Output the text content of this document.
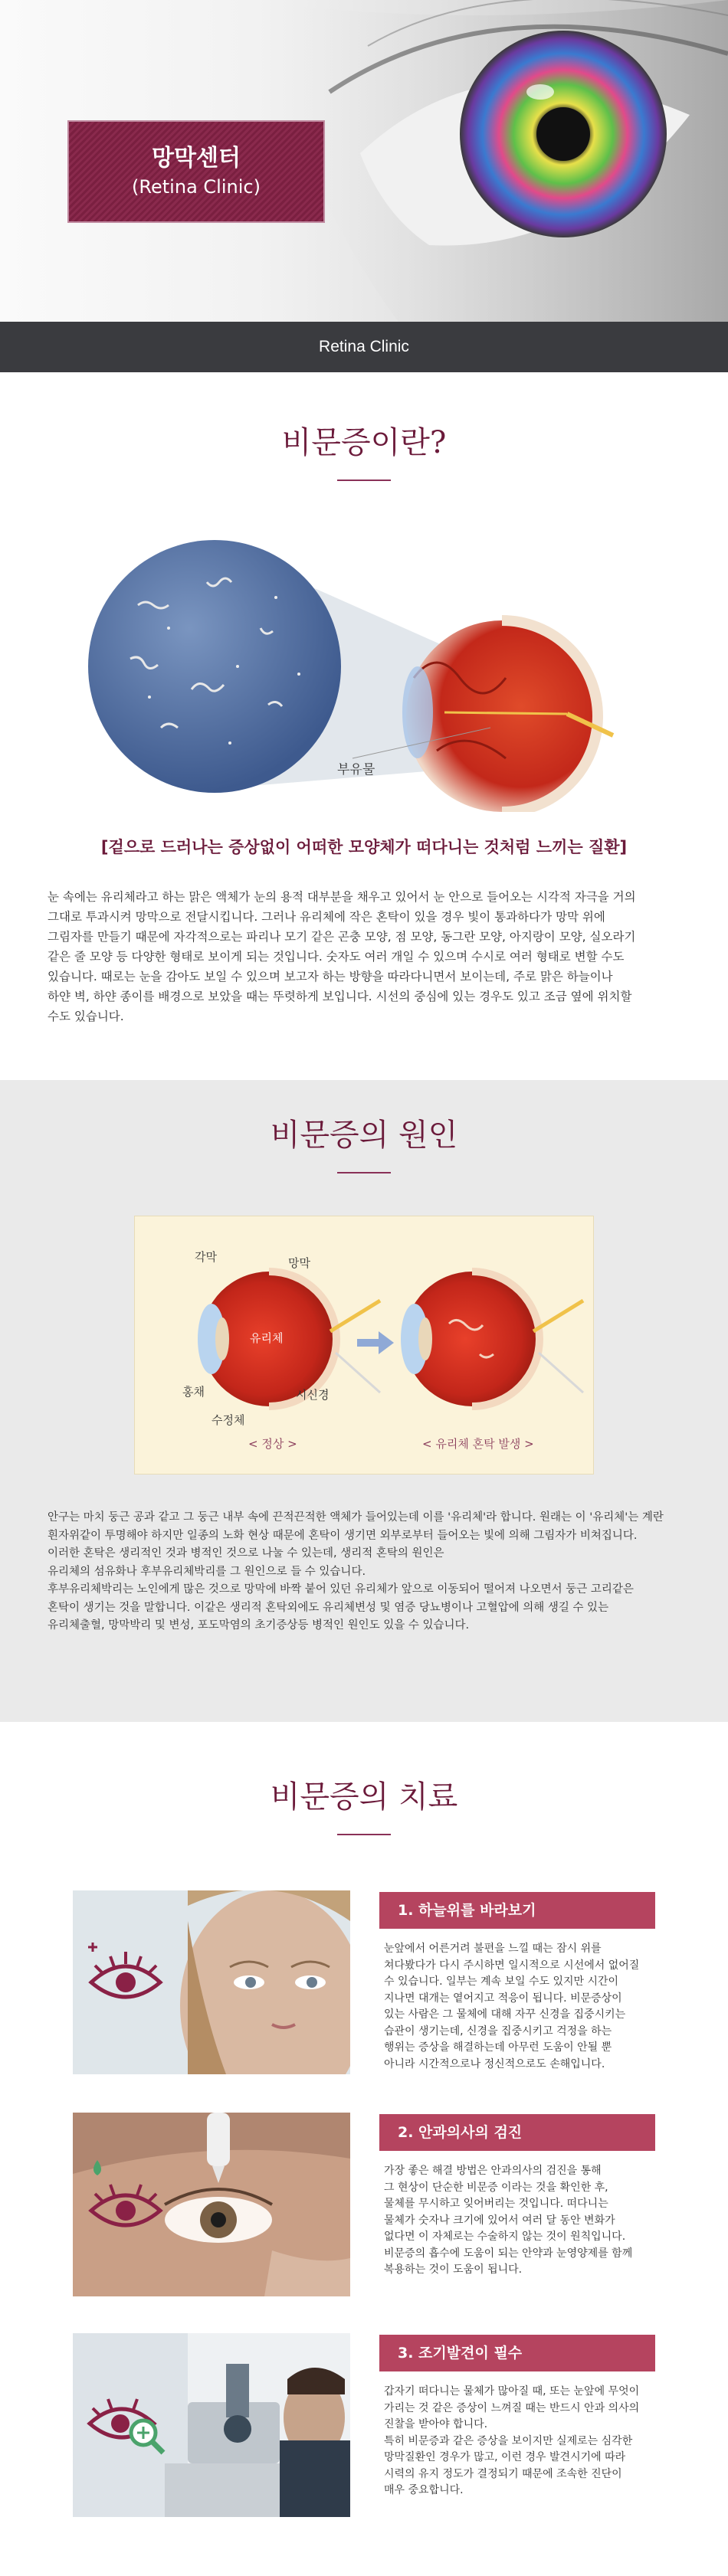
망막센터
(Retina Clinic)
Retina Clinic
비문증이란?
부유물
[겉으로 드러나는 증상없이 어떠한 모양체가 떠다니는 것처럼 느끼는 질환]
눈 속에는 유리체라고 하는 맑은 액체가 눈의 용적 대부분을 채우고 있어서 눈 안으로 들어오는 시각적 자극을 거의
그대로 투과시켜 망막으로 전달시킵니다. 그러나 유리체에 작은 혼탁이 있을 경우 빛이 통과하다가 망막 위에
그림자를 만들기 때문에 자각적으로는 파리나 모기 같은 곤충 모양, 점 모양, 동그란 모양, 아지랑이 모양, 실오라기
같은 줄 모양 등 다양한 형태로 보이게 되는 것입니다. 숫자도 여러 개일 수 있으며 수시로 여러 형태로 변할 수도
있습니다. 때로는 눈을 감아도 보일 수 있으며 보고자 하는 방향을 따라다니면서 보이는데, 주로 맑은 하늘이나
하얀 벽, 하얀 종이를 배경으로 보았을 때는 뚜렷하게 보입니다. 시선의 중심에 있는 경우도 있고 조금 옆에 위치할
수도 있습니다.
비문증의 원인
각막	망막
유리체
홍채	시신경
수정체
< 정상 >	< 유리체 혼탁 발생 >
안구는 마치 둥근 공과 같고 그 둥근 내부 속에 끈적끈적한 액체가 들어있는데 이를 '유리체'라 합니다. 원래는 이 '유리체'는 계란
흰자위같이 투명해야 하지만 일종의 노화 현상 때문에 혼탁이 생기면 외부로부터 들어오는 빛에 의해 그림자가 비쳐집니다.
이러한 혼탁은 생리적인 것과 병적인 것으로 나눌 수 있는데, 생리적 혼탁의 원인은
유리체의 섬유화나 후부유리체박리를 그 원인으로 들 수 있습니다.
후부유리체박리는 노인에게 많은 것으로 망막에 바짝 붙어 있던 유리체가 앞으로 이동되어 떨어져 나오면서 둥근 고리같은
혼탁이 생기는 것을 말합니다. 이같은 생리적 혼탁외에도 유리체변성 및 염증 당뇨병이나 고혈압에 의해 생길 수 있는
유리체출혈, 망막박리 및 변성, 포도막염의 초기증상등 병적인 원인도 있을 수 있습니다.
비문증의 치료
1. 하늘위를 바라보기
눈앞에서 어른거려 불편을 느낄 때는 잠시 위를
쳐다봤다가 다시 주시하면 일시적으로 시선에서 없어질
수 있습니다. 일부는 계속 보일 수도 있지만 시간이
지나면 대개는 옅어지고 적응이 됩니다. 비문증상이
있는 사람은 그 물체에 대해 자꾸 신경을 집중시키는
습관이 생기는데, 신경을 집중시키고 걱정을 하는
행위는 증상을 해결하는데 아무런 도움이 안될 뿐
아니라 시간적으로나 정신적으로도 손해입니다.
2. 안과의사의 검진
가장 좋은 해결 방법은 안과의사의 검진을 통해
그 현상이 단순한 비문증 이라는 것을 확인한 후,
물체를 무시하고 잊어버리는 것입니다. 떠다니는
물체가 숫자나 크기에 있어서 여러 달 동안 변화가
없다면 이 자체로는 수술하지 않는 것이 원칙입니다.
비문증의 흡수에 도움이 되는 안약과 눈영양제를 함께
복용하는 것이 도움이 됩니다.
3. 조기발견이 필수
갑자기 떠다니는 물체가 많아질 때, 또는 눈앞에 무엇이
가리는 것 같은 증상이 느껴질 때는 반드시 안과 의사의
진찰을 받아야 합니다.
특히 비문증과 같은 증상을 보이지만 실제로는 심각한
망막질환인 경우가 많고, 이런 경우 발견시기에 따라
시력의 유지 정도가 결정되기 때문에 조속한 진단이
매우 중요합니다.
